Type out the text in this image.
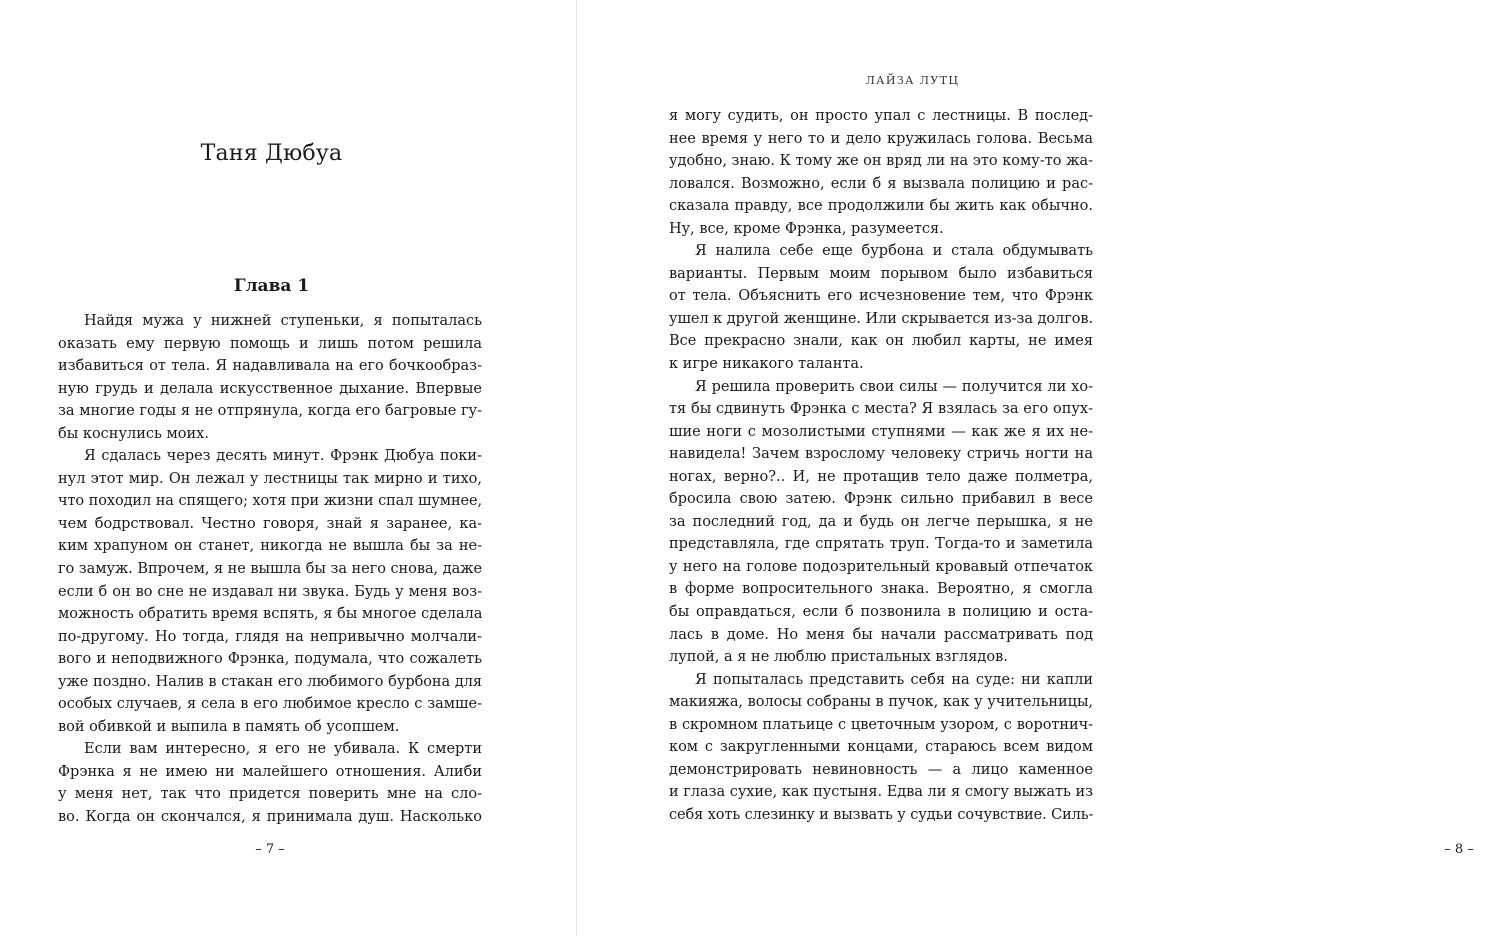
Таня Дюбуа
Глава 1

Найдя мужа у нижней ступеньки, я попыталась

оказать ему первую помощь и лишь потом решила

избавиться от тела. Я надавливала на его бочкообраз-

ную грудь и делала искусственное дыхание. Впервые

за многие годы я не отпрянула, когда его багровые гу-

бы коснулись моих.

Я сдалась через десять минут. Фрэнк Дюбуа поки-

нул этот мир. Он лежал у лестницы так мирно и тихо,

что походил на спящего; хотя при жизни спал шумнее,

чем бодрствовал. Честно говоря, знай я заранее, ка-

ким храпуном он станет, никогда не вышла бы за не-

го замуж. Впрочем, я не вышла бы за него снова, даже

если б он во сне не издавал ни звука. Будь у меня воз-

можность обратить время вспять, я бы многое сделала

по-другому. Но тогда, глядя на непривычно молчали-

вого и неподвижного Фрэнка, подумала, что сожалеть

уже поздно. Налив в стакан его любимого бурбона для

особых случаев, я села в его любимое кресло с замше-

вой обивкой и выпила в память об усопшем.

Если вам интересно, я его не убивала. К смерти

Фрэнка я не имею ни малейшего отношения. Алиби

у меня нет, так что придется поверить мне на сло-

во. Когда он скончался, я принимала душ. Насколько

– 7 –
ЛАЙЗА ЛУТЦ

я могу судить, он просто упал с лестницы. В послед-

нее время у него то и дело кружилась голова. Весьма

удобно, знаю. К тому же он вряд ли на это кому-то жа-

ловался. Возможно, если б я вызвала полицию и рас-

сказала правду, все продолжили бы жить как обычно.

Ну, все, кроме Фрэнка, разумеется.

Я налила себе еще бурбона и стала обдумывать

варианты. Первым моим порывом было избавиться

от тела. Объяснить его исчезновение тем, что Фрэнк

ушел к другой женщине. Или скрывается из-за долгов.

Все прекрасно знали, как он любил карты, не имея

к игре никакого таланта.

Я решила проверить свои силы — получится ли хо-

тя бы сдвинуть Фрэнка с места? Я взялась за его опух-

шие ноги с мозолистыми ступнями — как же я их не-

навидела! Зачем взрослому человеку стричь ногти на

ногах, верно?.. И, не протащив тело даже полметра,

бросила свою затею. Фрэнк сильно прибавил в весе

за последний год, да и будь он легче перышка, я не

представляла, где спрятать труп. Тогда-то и заметила

у него на голове подозрительный кровавый отпечаток

в форме вопросительного знака. Вероятно, я смогла

бы оправдаться, если б позвонила в полицию и оста-

лась в доме. Но меня бы начали рассматривать под

лупой, а я не люблю пристальных взглядов.

Я попыталась представить себя на суде: ни капли

макияжа, волосы собраны в пучок, как у учительницы,

в скромном платьице с цветочным узором, с воротнич-

ком с закругленными концами, стараюсь всем видом

демонстрировать невиновность — а лицо каменное

и глаза сухие, как пустыня. Едва ли я смогу выжать из

себя хоть слезинку и вызвать у судьи сочувствие. Силь-

– 8 –
